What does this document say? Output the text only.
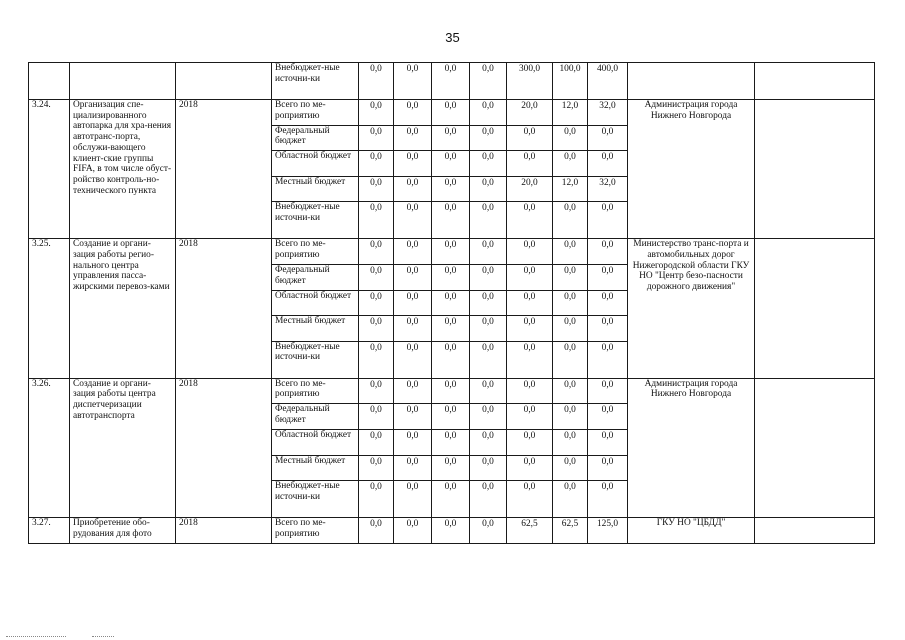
35
			Внебюджет-ные источни-ки	0,0	0,0	0,0	0,0	300,0	100,0	400,0		
3.24.	Организация спе-циализированного автопарка для хра-нения автотранс-порта, обслужи-вающего клиент-ские группы FIFA, в том числе обуст-ройство контроль-но-технического пункта	2018	Всего по ме-роприятию	0,0	0,0	0,0	0,0	20,0	12,0	32,0	Администрация города Нижнего Новгорода	
			Федеральный бюджет	0,0	0,0	0,0	0,0	0,0	0,0	0,0		
			Областной бюджет	0,0	0,0	0,0	0,0	0,0	0,0	0,0		
			Местный бюджет	0,0	0,0	0,0	0,0	20,0	12,0	32,0		
			Внебюджет-ные источни-ки	0,0	0,0	0,0	0,0	0,0	0,0	0,0		
3.25.	Создание и органи-зация работы регио-нального центра управления пасса-жирскими перевоз-ками	2018	Всего по ме-роприятию	0,0	0,0	0,0	0,0	0,0	0,0	0,0	Министерство транс-порта и автомобильных дорог Нижегородской области ГКУ НО "Центр безо-пасности дорожного движения"	
			Федеральный бюджет	0,0	0,0	0,0	0,0	0,0	0,0	0,0		
			Областной бюджет	0,0	0,0	0,0	0,0	0,0	0,0	0,0		
			Местный бюджет	0,0	0,0	0,0	0,0	0,0	0,0	0,0		
			Внебюджет-ные источни-ки	0,0	0,0	0,0	0,0	0,0	0,0	0,0		
3.26.	Создание и органи-зация работы центра диспетчеризации автотранспорта	2018	Всего по ме-роприятию	0,0	0,0	0,0	0,0	0,0	0,0	0,0	Администрация города Нижнего Новгорода	
			Федеральный бюджет	0,0	0,0	0,0	0,0	0,0	0,0	0,0		
			Областной бюджет	0,0	0,0	0,0	0,0	0,0	0,0	0,0		
			Местный бюджет	0,0	0,0	0,0	0,0	0,0	0,0	0,0		
			Внебюджет-ные источни-ки	0,0	0,0	0,0	0,0	0,0	0,0	0,0		
3.27.	Приобретение обо-рудования для фото	2018	Всего по ме-роприятию	0,0	0,0	0,0	0,0	62,5	62,5	125,0	ГКУ НО "ЦБДД"	
